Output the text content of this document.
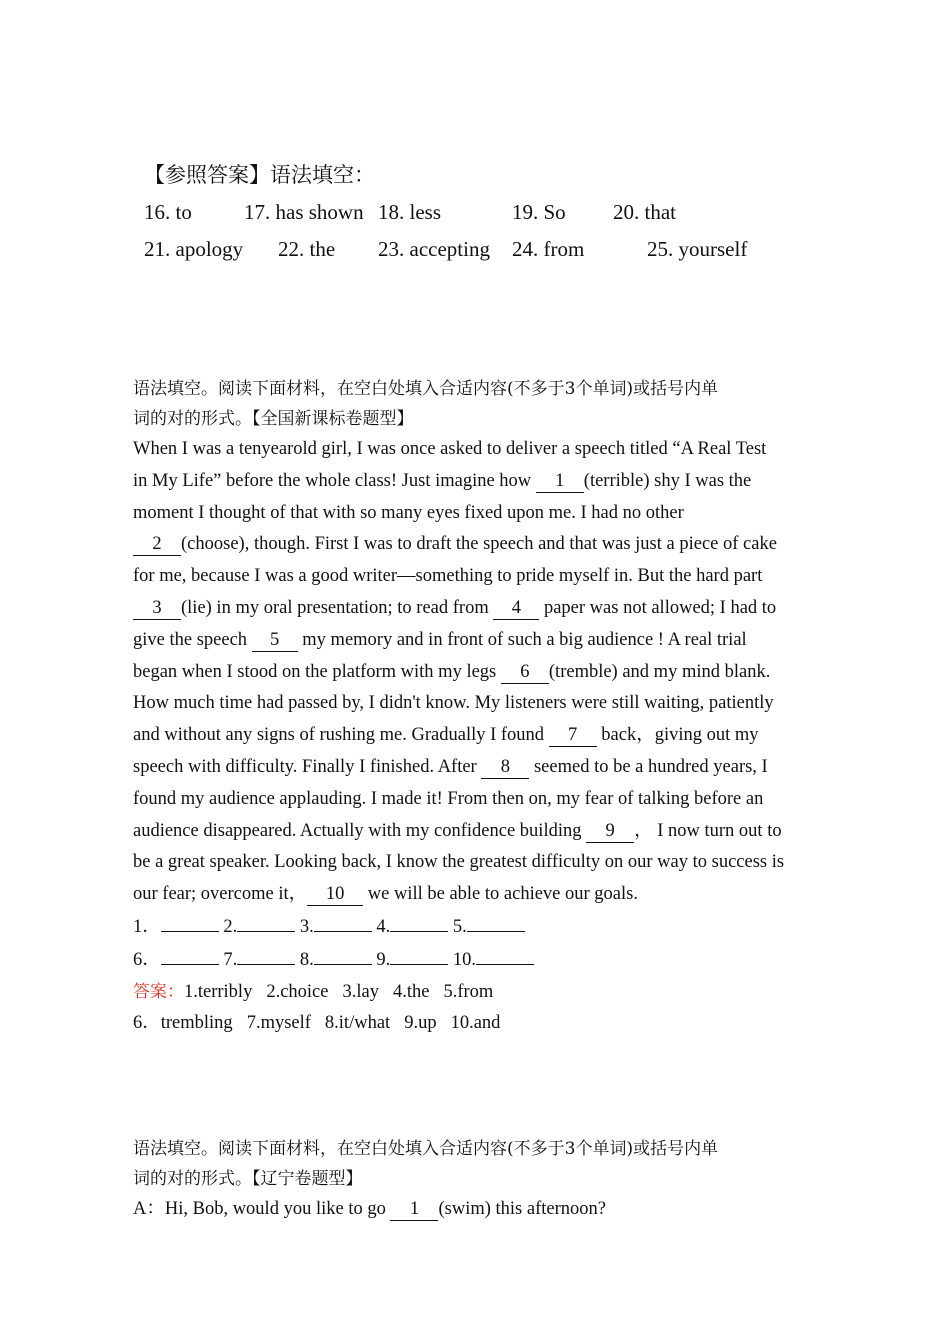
【参照答案】语法填空：
16. to 17. has shown 18. less	19. So 20. that
21. apology 22. the 23. accepting 24. from	25. yourself
语法填空。阅读下面材料，在空白处填入合适内容(不多于3个单词)或括号内单
词的对的形式。【全国新课标卷题型】
When I was a tenyearold girl, I was once asked to deliver a speech titled “A Real Test
in My Life” before the whole class! Just imagine how 1 (terrible) shy I was the
moment I thought of that with so many eyes fixed upon me. I had no other
2 (choose), though. First I was to draft the speech and that was just a piece of cake
for me, because I was a good writer—something to pride myself in. But the hard part
3 (lie) in my oral presentation; to read from 4 paper was not allowed; I had to
give the speech 5 my memory and in front of such a big audience ! A real trial
began when I stood on the platform with my legs 6 (tremble) and my mind blank.
How much time had passed by, I didn't know. My listeners were still waiting, patiently
and without any signs of rushing me. Gradually I found 7 back，giving out my
speech with difficulty. Finally I finished. After 8 seemed to be a hundred years, I
found my audience applauding. I made it! From then on, my fear of talking before an
audience disappeared. Actually with my confidence building 9 ， I now turn out to
be a great speaker. Looking back, I know the greatest difficulty on our way to success is
our fear; overcome it， 10 we will be able to achieve our goals.
1．	2.	3.	4.	5.
6．	7.	8.	9.	10.
答案：1.terribly 2.choice 3.lay 4.the 5.from
6．trembling 7.myself 8.it/what 9.up 10.and
语法填空。阅读下面材料，在空白处填入合适内容(不多于3个单词)或括号内单
词的对的形式。【辽宁卷题型】
A：Hi, Bob, would you like to go 1 (swim) this afternoon?
